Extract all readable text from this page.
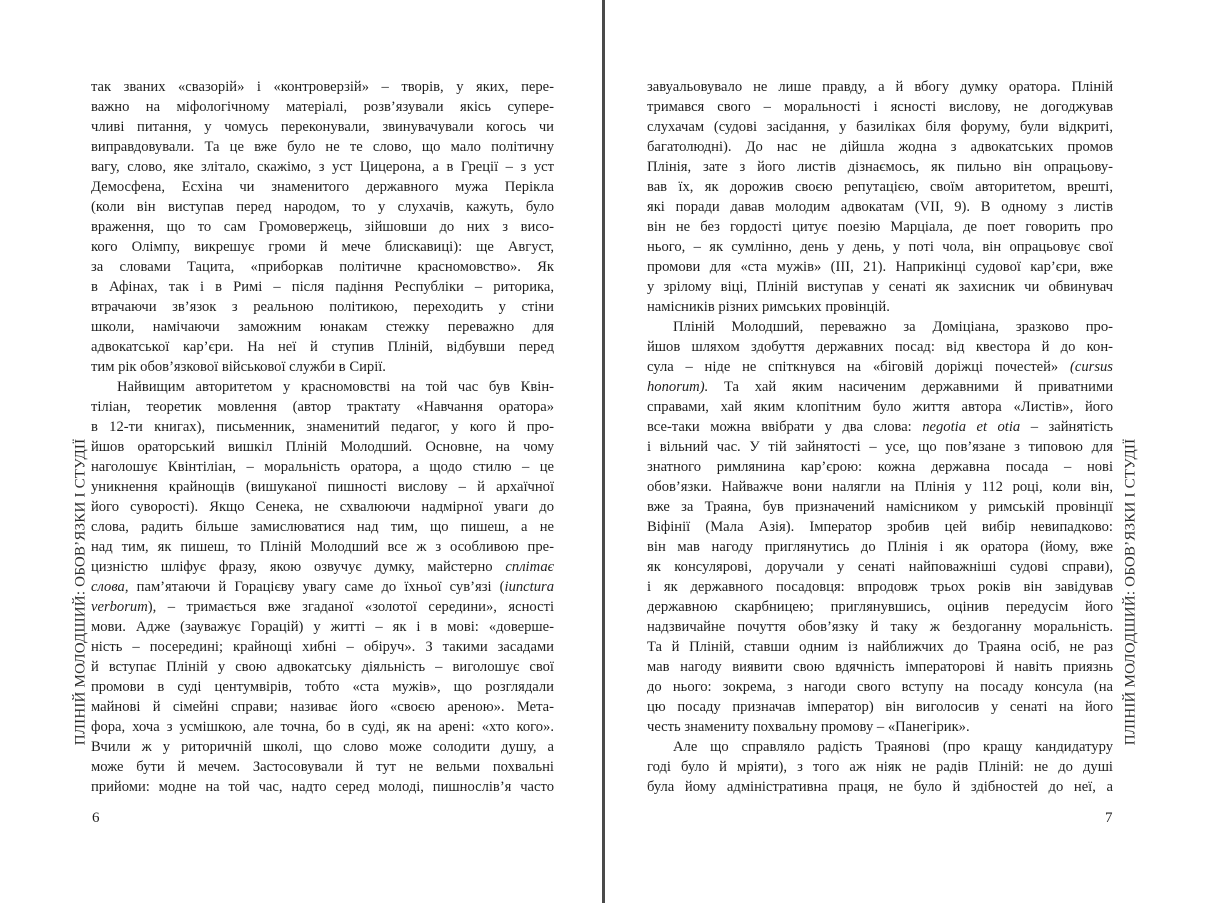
ПЛІНІЙ МОЛОДШИЙ: ОБОВ’ЯЗКИ І СТУДІЇ	ПЛІНІЙ МОЛОДШИЙ: ОБОВ’ЯЗКИ І СТУДІЇ
так званих «свазорій» і «контроверзій» – творів, у яких, пере-
важно на міфологічному матеріалі, розв’язували якісь супере-
чливі питання, у чомусь переконували, звинувачували когось чи
виправдовували. Та це вже було не те слово, що мало політичну
вагу, слово, яке злітало, скажімо, з уст Цицерона, а в Греції – з уст
Демосфена, Есхіна чи знаменитого державного мужа Перікла
(коли він виступав перед народом, то у слухачів, кажуть, було
враження, що то сам Громовержець, зійшовши до них з висо-
кого Олімпу, викрешує громи й мече блискавиці): ще Август,
за словами Тацита, «приборкав політичне красномовство». Як
в Афінах, так і в Римі – після падіння Республіки – риторика,
втрачаючи зв’язок з реальною політикою, переходить у стіни
школи, намічаючи заможним юнакам стежку переважно для
адвокатської кар’єри. На неї й ступив Пліній, відбувши перед
тим рік обов’язкової військової служби в Сирії.
Найвищим авторитетом у красномовстві на той час був Квін-
тіліан, теоретик мовлення (автор трактату «Навчання оратора»
в 12-ти книгах), письменник, знаменитий педагог, у кого й про-
йшов ораторський вишкіл Пліній Молодший. Основне, на чому
наголошує Квінтіліан, – моральність оратора, а щодо стилю – це
уникнення крайнощів (вишуканої пишності вислову – й архаїчної
його суворості). Якщо Сенека, не схвалюючи надмірної уваги до
слова, радить більше замислюватися над тим, що пишеш, а не
над тим, як пишеш, то Пліній Молодший все ж з особливою пре-
цизністю шліфує фразу, якою озвучує думку, майстерно сплітає
слова, пам’ятаючи й Горацієву увагу саме до їхньої сув’язі (iunctura
verborum), – тримається вже згаданої «золотої середини», ясності
мови. Адже (зауважує Горацій) у житті – як і в мові: «доверше-
ність – посередині; крайнощі хибні – обіруч». З такими засадами
й вступає Пліній у свою адвокатську діяльність – виголошує свої
промови в суді центумвірів, тобто «ста мужів», що розглядали
майнові й сімейні справи; називає його «своєю ареною». Мета-
фора, хоча з усмішкою, але точна, бо в суді, як на арені: «хто кого».
Вчили ж у риторичній школі, що слово може солодити душу, а
може бути й мечем. Застосовували й тут не вельми похвальні
прийоми: модне на той час, надто серед молоді, пишнослів’я часто
завуальовувало не лише правду, а й вбогу думку оратора. Пліній
тримався свого – моральності і ясності вислову, не догоджував
слухачам (судові засідання, у базиліках біля форуму, були відкриті,
багатолюдні). До нас не дійшла жодна з адвокатських промов
Плінія, зате з його листів дізнаємось, як пильно він опрацьову-
вав їх, як дорожив своєю репутацією, своїм авторитетом, врешті,
які поради давав молодим адвокатам (VII, 9). В одному з листів
він не без гордості цитує поезію Марціала, де поет говорить про
нього, – як сумлінно, день у день, у поті чола, він опрацьовує свої
промови для «ста мужів» (III, 21). Наприкінці судової кар’єри, вже
у зрілому віці, Пліній виступав у сенаті як захисник чи обвинувач
намісників різних римських провінцій.
Пліній Молодший, переважно за Доміціана, зразково про-
йшов шляхом здобуття державних посад: від квестора й до кон-
сула – ніде не спіткнувся на «біговій доріжці почестей» (cursus
honorum). Та хай яким насиченим державними й приватними
справами, хай яким клопітним було життя автора «Листів», його
все-таки можна ввібрати у два слова: negotia et otia – зайнятість
і вільний час. У тій зайнятості – усе, що пов’язане з типовою для
знатного римлянина кар’єрою: кожна державна посада – нові
обов’язки. Найважче вони налягли на Плінія у 112 році, коли він,
вже за Траяна, був призначений намісником у римській провінції
Віфінії (Мала Азія). Імператор зробив цей вибір невипадково:
він мав нагоду приглянутись до Плінія і як оратора (йому, вже
як консулярові, доручали у сенаті найповажніші судові справи),
і як державного посадовця: впродовж трьох років він завідував
державною скарбницею; приглянувшись, оцінив передусім його
надзвичайне почуття обов’язку й таку ж бездоганну моральність.
Та й Пліній, ставши одним із найближчих до Траяна осіб, не раз
мав нагоду виявити свою вдячність імператорові й навіть приязнь
до нього: зокрема, з нагоди свого вступу на посаду консула (на
цю посаду призначав імператор) він виголосив у сенаті на його
честь знамениту похвальну промову – «Панегірик».
Але що справляло радість Траянові (про кращу кандидатуру
годі було й мріяти), з того аж ніяк не радів Пліній: не до душі
була йому адміністративна праця, не було й здібностей до неї, а
6	7
